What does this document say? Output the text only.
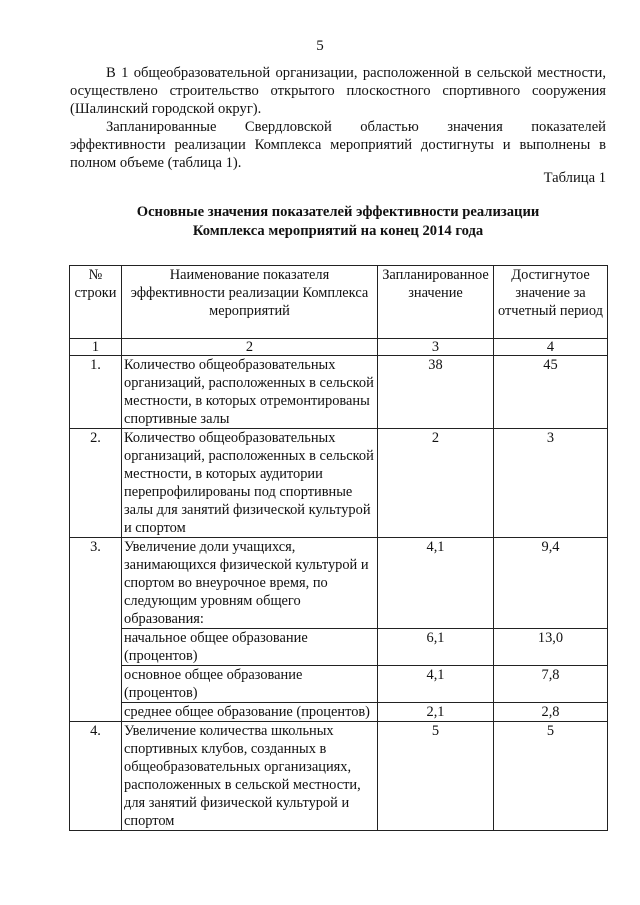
5

В 1 общеобразовательной организации, расположенной в сельской местности, осуществлено строительство открытого плоскостного спортивного сооружения (Шалинский городской округ).

Запланированные Свердловской областью значения показателей эффективности реализации Комплекса мероприятий достигнуты и выполнены в полном объеме (таблица 1).

Таблица 1
Основные значения показателей эффективности реализации
Комплекса мероприятий на конец 2014 года
№ строки	Наименование показателя эффективности реализации Комплекса мероприятий	Запланированное значение	Достигнутое значение за отчетный период
1	2	3	4
1.	Количество общеобразовательных организаций, расположенных в сельской местности, в которых отремонтированы спортивные залы	38	45
2.	Количество общеобразовательных организаций, расположенных в сельской местности, в которых аудитории перепрофилированы под спортивные залы для занятий физической культурой и спортом	2	3
3.	Увеличение доли учащихся, занимающихся физической культурой и спортом во внеурочное время, по следующим уровням общего образования:	4,1	9,4
	начальное общее образование (процентов)	6,1	13,0
	основное общее образование (процентов)	4,1	7,8
	среднее общее образование (процентов)	2,1	2,8
4.	Увеличение количества школьных спортивных клубов, созданных в общеобразовательных организациях, расположенных в сельской местности, для занятий физической культурой и спортом	5	5
